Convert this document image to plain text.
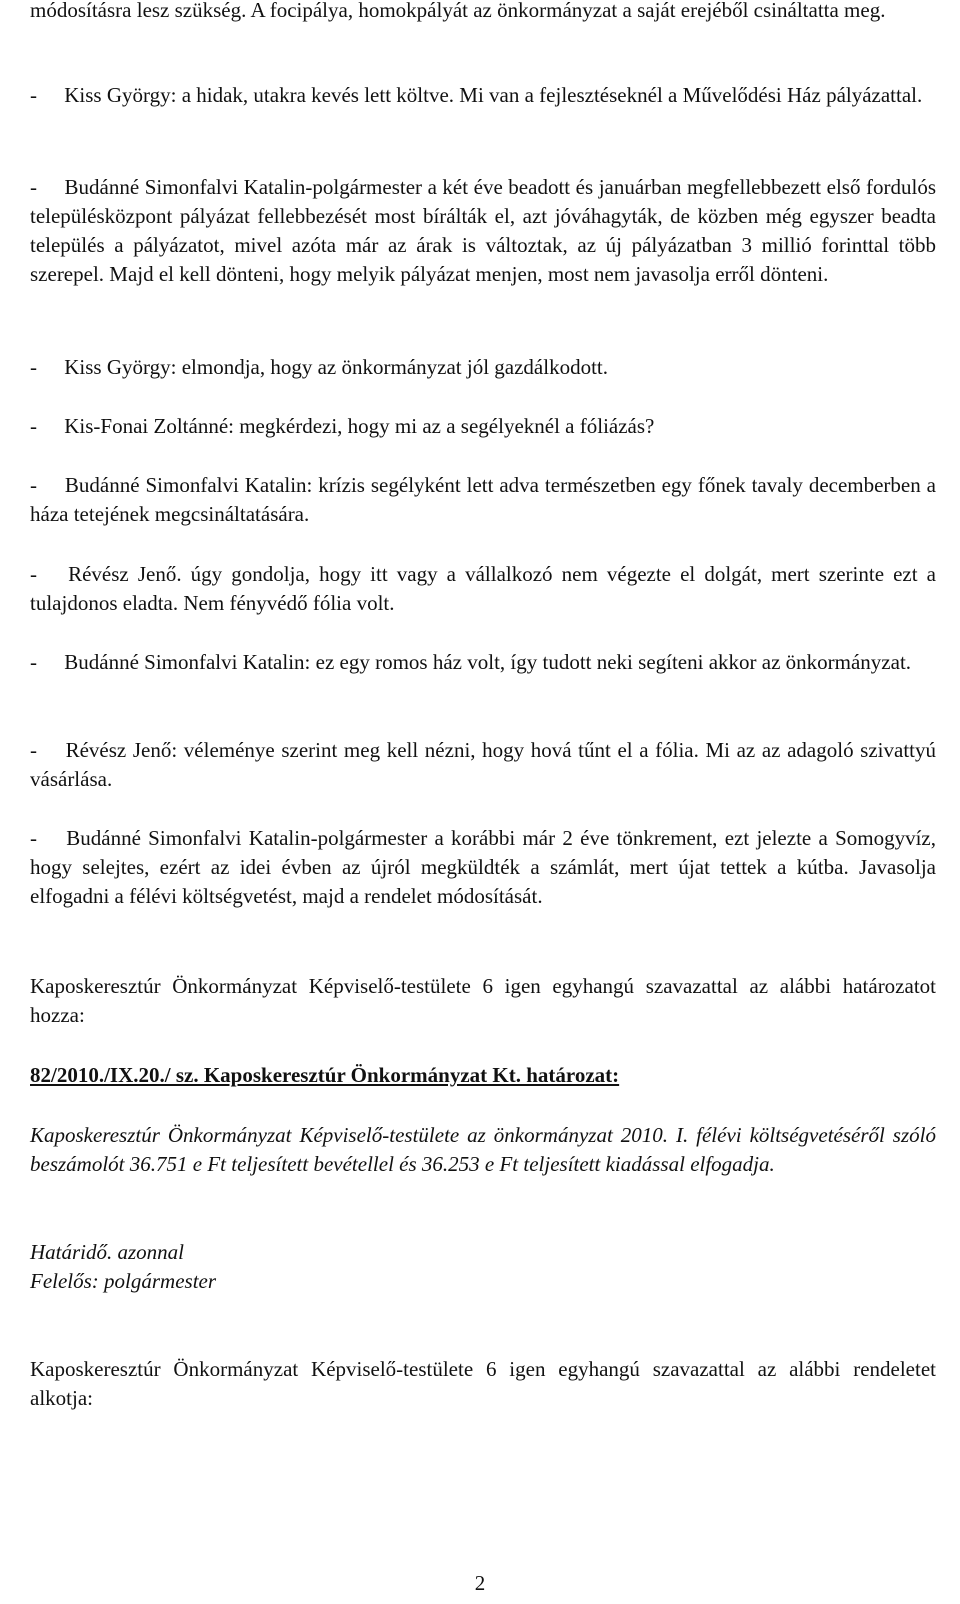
módosításra lesz szükség. A focipálya, homokpályát az önkormányzat a saját erejéből csináltatta meg.
- Kiss György: a hidak, utakra kevés lett költve. Mi van a fejlesztéseknél a Művelődési Ház pályázattal.
- Budánné Simonfalvi Katalin-polgármester a két éve beadott és januárban megfellebbezett első fordulós településközpont pályázat fellebbezését most bírálták el, azt jóváhagyták, de közben még egyszer beadta település a pályázatot, mivel azóta már az árak is változtak, az új pályázatban 3 millió forinttal több szerepel. Majd el kell dönteni, hogy melyik pályázat menjen, most nem javasolja erről dönteni.
- Kiss György: elmondja, hogy az önkormányzat jól gazdálkodott.
- Kis-Fonai Zoltánné: megkérdezi, hogy mi az a segélyeknél a fóliázás?
- Budánné Simonfalvi Katalin: krízis segélyként lett adva természetben egy főnek tavaly decemberben a háza tetejének megcsináltatására.
- Révész Jenő. úgy gondolja, hogy itt vagy a vállalkozó nem végezte el dolgát, mert szerinte ezt a tulajdonos eladta. Nem fényvédő fólia volt.
- Budánné Simonfalvi Katalin: ez egy romos ház volt, így tudott neki segíteni akkor az önkormányzat.
- Révész Jenő: véleménye szerint meg kell nézni, hogy hová tűnt el a fólia. Mi az az adagoló szivattyú vásárlása.
- Budánné Simonfalvi Katalin-polgármester a korábbi már 2 éve tönkrement, ezt jelezte a Somogyvíz, hogy selejtes, ezért az idei évben az újról megküldték a számlát, mert újat tettek a kútba. Javasolja elfogadni a félévi költségvetést, majd a rendelet módosítását.
Kaposkeresztúr Önkormányzat Képviselő-testülete 6 igen egyhangú szavazattal az alábbi határozatot hozza:
82/2010./IX.20./ sz. Kaposkeresztúr Önkormányzat Kt. határozat:
Kaposkeresztúr Önkormányzat Képviselő-testülete az önkormányzat 2010. I. félévi költségvetéséről szóló beszámolót 36.751 e Ft teljesített bevétellel és 36.253 e Ft teljesített kiadással elfogadja.
Határidő. azonnal
Felelős: polgármester
Kaposkeresztúr Önkormányzat Képviselő-testülete 6 igen egyhangú szavazattal az alábbi rendeletet alkotja:
2
